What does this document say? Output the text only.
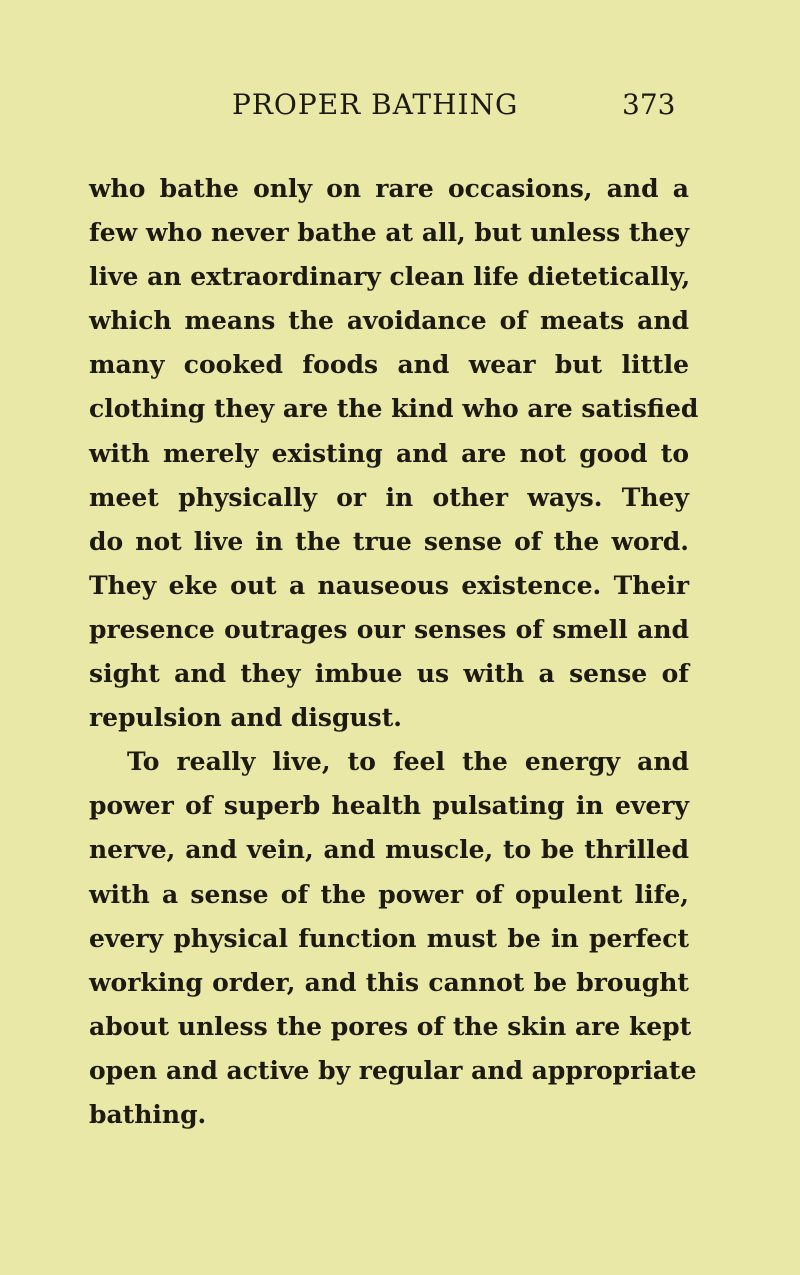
PROPER BATHING	373
who bathe only on rare occasions, and a
few who never bathe at all, but unless they
live an extraordinary clean life dietetically,
which means the avoidance of meats and
many cooked foods and wear but little
clothing they are the kind who are satisfied
with merely existing and are not good to
meet physically or in other ways. They
do not live in the true sense of the word.
They eke out a nauseous existence. Their
presence outrages our senses of smell and
sight and they imbue us with a sense of
repulsion and disgust.
To really live, to feel the energy and
power of superb health pulsating in every
nerve, and vein, and muscle, to be thrilled
with a sense of the power of opulent life,
every physical function must be in perfect
working order, and this cannot be brought
about unless the pores of the skin are kept
open and active by regular and appropriate
bathing.
